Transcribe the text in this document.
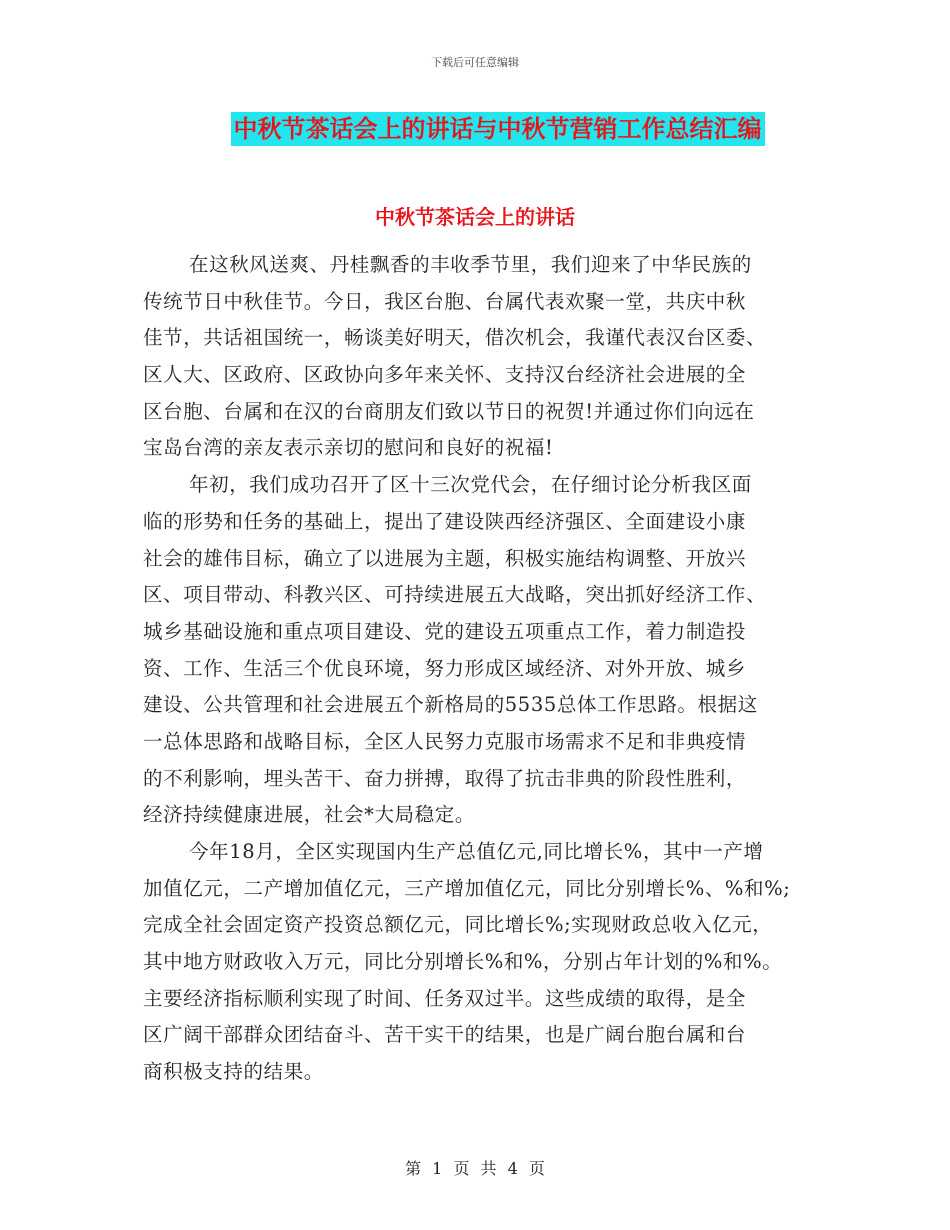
下载后可任意编辑
中秋节茶话会上的讲话与中秋节营销工作总结汇编
中秋节茶话会上的讲话
在这秋风送爽、丹桂飘香的丰收季节里，我们迎来了中华民族的
传统节日中秋佳节。今日，我区台胞、台属代表欢聚一堂，共庆中秋
佳节，共话祖国统一，畅谈美好明天，借次机会，我谨代表汉台区委、
区人大、区政府、区政协向多年来关怀、支持汉台经济社会进展的全
区台胞、台属和在汉的台商朋友们致以节日的祝贺!并通过你们向远在
宝岛台湾的亲友表示亲切的慰问和良好的祝福!
年初，我们成功召开了区十三次党代会，在仔细讨论分析我区面
临的形势和任务的基础上，提出了建设陕西经济强区、全面建设小康
社会的雄伟目标，确立了以进展为主题，积极实施结构调整、开放兴
区、项目带动、科教兴区、可持续进展五大战略，突出抓好经济工作、
城乡基础设施和重点项目建设、党的建设五项重点工作，着力制造投
资、工作、生活三个优良环境，努力形成区域经济、对外开放、城乡
建设、公共管理和社会进展五个新格局的5535总体工作思路。根据这
一总体思路和战略目标，全区人民努力克服市场需求不足和非典疫情
的不利影响，埋头苦干、奋力拼搏，取得了抗击非典的阶段性胜利，
经济持续健康进展，社会*大局稳定。
今年18月，全区实现国内生产总值亿元,同比增长%，其中一产增
加值亿元，二产增加值亿元，三产增加值亿元，同比分别增长%、%和%;
完成全社会固定资产投资总额亿元，同比增长%;实现财政总收入亿元，
其中地方财政收入万元，同比分别增长%和%，分别占年计划的%和%。
主要经济指标顺利实现了时间、任务双过半。这些成绩的取得，是全
区广阔干部群众团结奋斗、苦干实干的结果，也是广阔台胞台属和台
商积极支持的结果。
第 1 页 共 4 页
